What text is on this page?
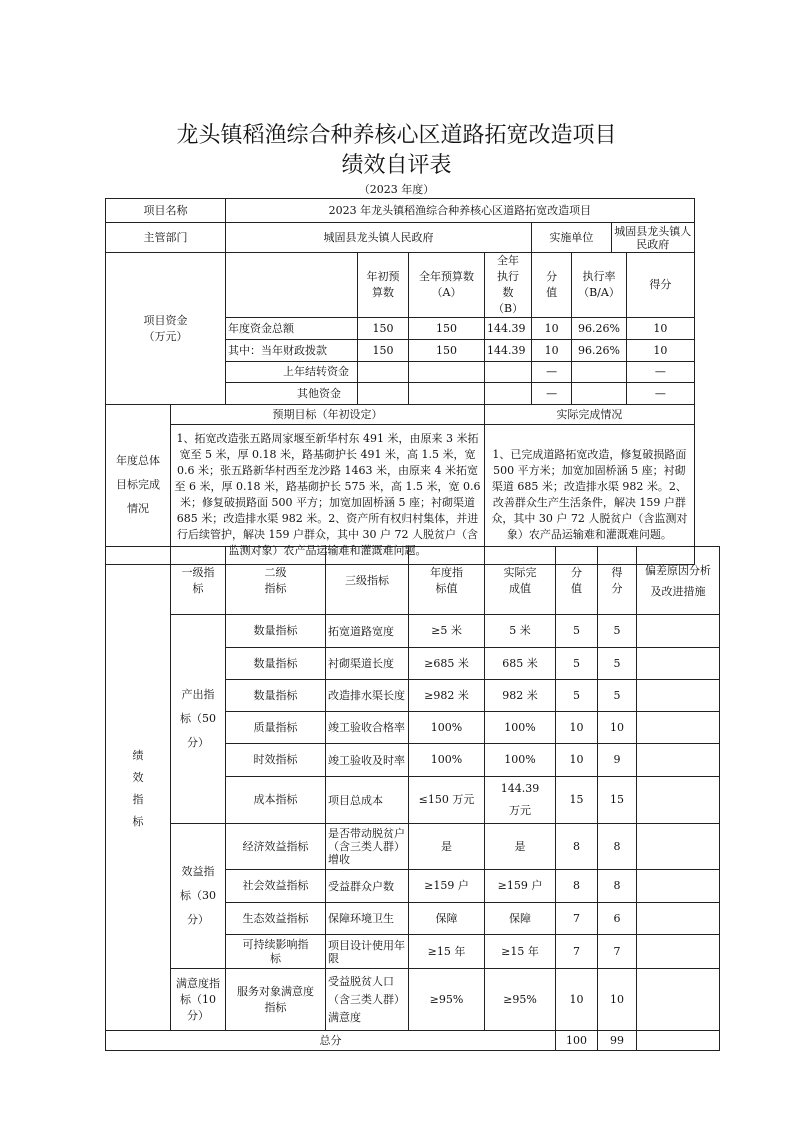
龙头镇稻渔综合种养核心区道路拓宽改造项目
绩效自评表
（2023 年度）
项目名称		2023 年龙头镇稻渔综合种养核心区道路拓宽改造项目							
主管部门		城固县龙头镇人民政府				实施单位		城固县龙头镇人民政府	
项目资金
（万元）			年初预算数	全年预算数（A）	全年执行数（B）	分值	执行率（B/A）		得分
		年度资金总额	150	150	144.39	10	96.26%		10
		其中：当年财政拨款	150	150	144.39	10	96.26%		10
		上年结转资金				—			—
		其他资金				—			—
年度总体目标完成情况	预期目标（年初设定）				实际完成情况				
	1、拓宽改造张五路周家堰至新华村东 491 米，由原来 3 米拓宽至 5 米，厚 0.18 米，路基砌护长 491 米，高 1.5 米，宽 0.6 米；张五路新华村西至龙沙路 1463 米，由原来 4 米拓宽至 6 米，厚 0.18 米，路基砌护长 575 米，高 1.5 米，宽 0.6 米；修复破损路面 500 平方；加宽加固桥涵 5 座；衬砌渠道 685 米；改造排水渠 982 米。2、资产所有权归村集体，并进行后续管护，解决 159 户群众，其中 30 户 72 人脱贫户（含监测对象）农产品运输难和灌溉难问题。				1、已完成道路拓宽改造，修复破损路面 500 平方米；加宽加固桥涵 5 座；衬砌渠道 685 米；改造排水渠 982 米。2、改善群众生产生活条件，解决 159 户群众，其中 30 户 72 人脱贫户（含监测对象）农产品运输难和灌溉难问题。				
绩效指标	一级指标	二级指标	三级指标	年度指标值	实际完成值	分值	得分	偏差原因分析及改进措施
	产出指标（50分）	数量指标	拓宽道路宽度	≥5 米	5 米	5	5	
		数量指标	衬砌渠道长度	≥685 米	685 米	5	5	
		数量指标	改造排水渠长度	≥982 米	982 米	5	5	
		质量指标	竣工验收合格率	100%	100%	10	10	
		时效指标	竣工验收及时率	100%	100%	10	9	
		成本指标	项目总成本	≤150 万元	144.39 万元	15	15	
	效益指标（30分）	经济效益指标	是否带动脱贫户（含三类人群）增收	是	是	8	8	
		社会效益指标	受益群众户数	≥159 户	≥159 户	8	8	
		生态效益指标	保障环境卫生	保障	保障	7	6	
		可持续影响指标	项目设计使用年限	≥15 年	≥15 年	7	7	
	满意度指标（10分）	服务对象满意度指标	受益脱贫人口（含三类人群）满意度	≥95%	≥95%	10	10	
总分						100	99	
